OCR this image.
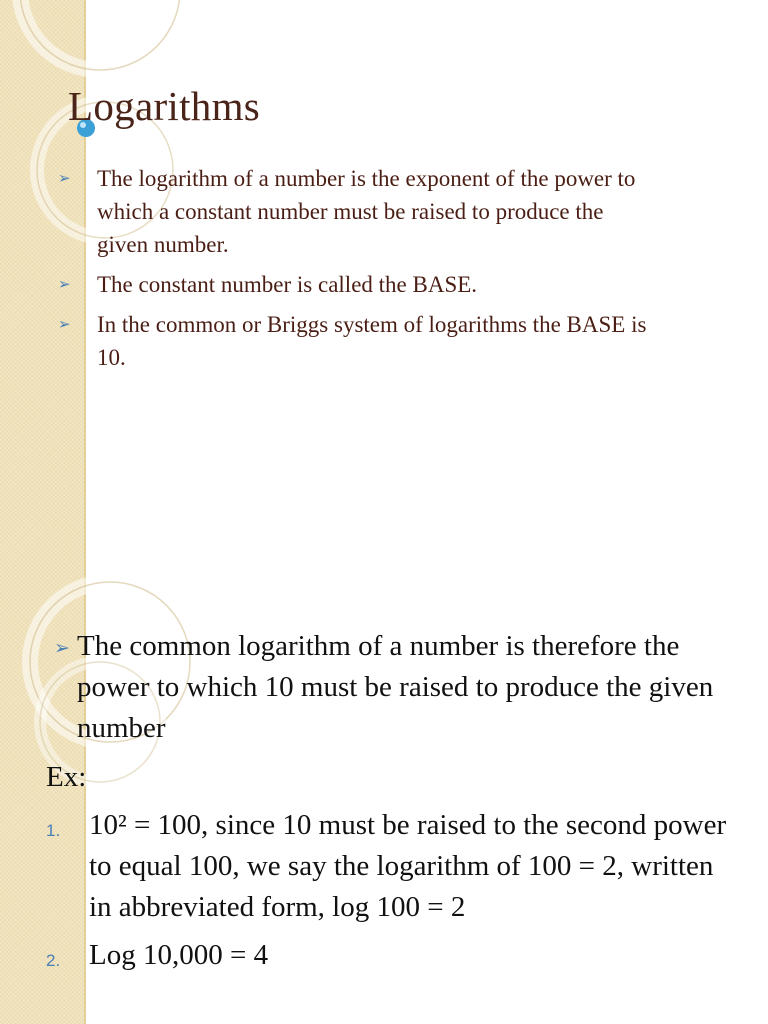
Logarithms
➢ The logarithm of a number is the exponent of the power to which a constant number must be raised to produce the given number.
➢ The constant number is called the BASE.
➢ In the common or Briggs system of logarithms the BASE is 10.
➢ The common logarithm of a number is therefore the power to which 10 must be raised to produce the given number

Ex:

1. 10² = 100, since 10 must be raised to the second power to equal 100, we say the logarithm of 100 = 2, written in abbreviated form, log 100 = 2
2. Log 10,000 = 4
